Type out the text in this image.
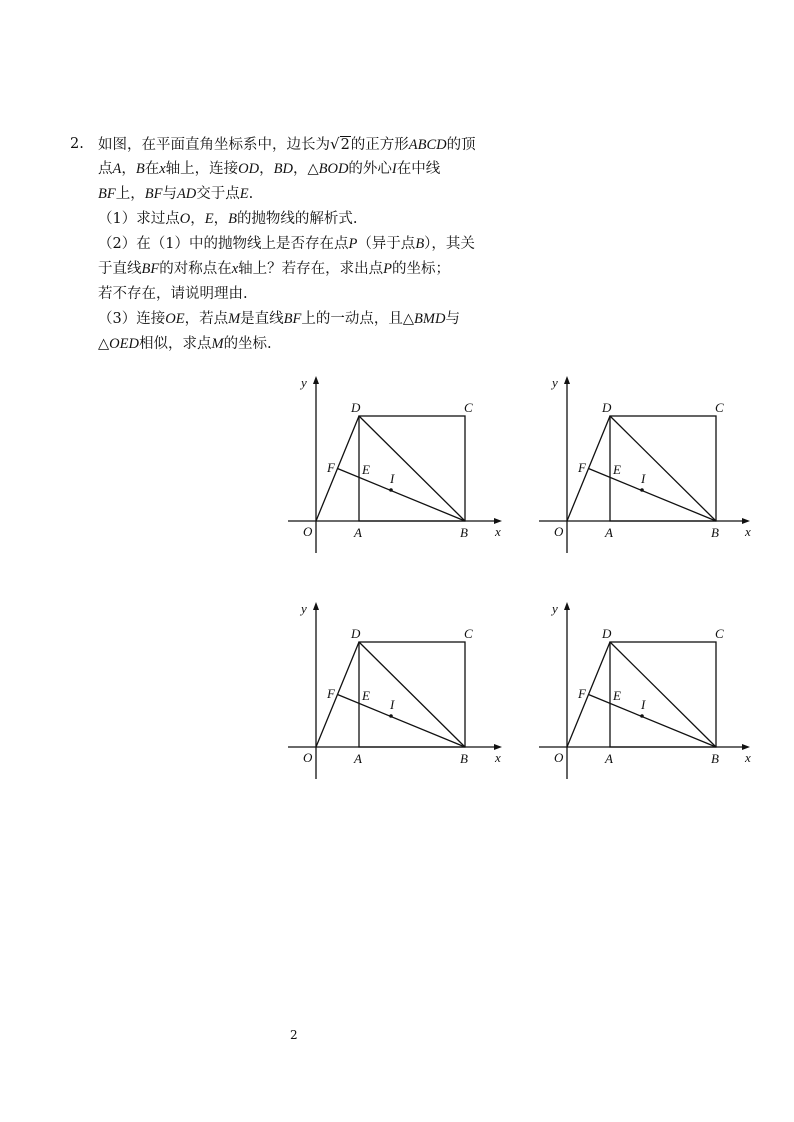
2. 如图，在平面直角坐标系中，边长为√2的正方形ABCD的顶
点A，B在x轴上，连接OD，BD，△BOD的外心I在中线
BF上，BF与AD交于点E.
（1）求过点O，E，B的抛物线的解析式.
（2）在（1）中的抛物线上是否存在点P（异于点B），其关
于直线BF的对称点在x轴上？若存在，求出点P的坐标；
若不存在，请说明理由.
（3）连接OE，若点M是直线BF上的一动点，且△BMD与
△OED相似，求点M的坐标.
y
x
O	A	B
C
D
E
F
I
y
x
O	A	B
C
D
E
F
I
y
x
O	A	B
C
D
E
F
I
y
x
O	A	B
C
D
E
F
I
2
